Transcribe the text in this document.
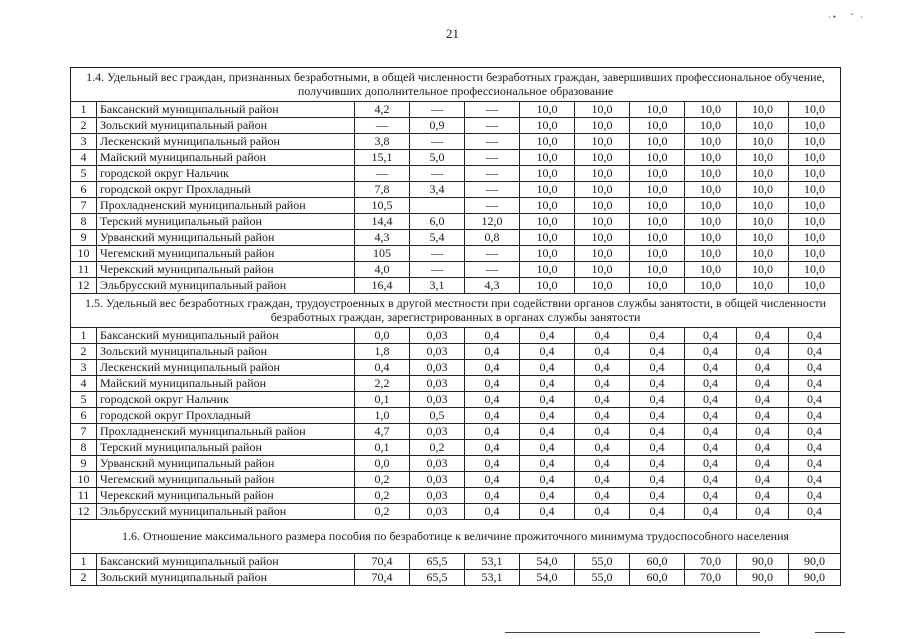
21
·•   ˝ ·
1.4. Удельный вес граждан, признанных безработными, в общей численности безработных граждан, завершивших профессиональное обучение, получивших дополнительное профессиональное образование										
1	Баксанский муниципальный район	4,2	—	—	10,0	10,0	10,0	10,0	10,0	10,0
2	Зольский муниципальный район	—	0,9	—	10,0	10,0	10,0	10,0	10,0	10,0
3	Лескенский муниципальный район	3,8	—	—	10,0	10,0	10,0	10,0	10,0	10,0
4	Майский муниципальный район	15,1	5,0	—	10,0	10,0	10,0	10,0	10,0	10,0
5	городской округ Нальчик	—	—	—	10,0	10,0	10,0	10,0	10,0	10,0
6	городской округ Прохладный	7,8	3,4	—	10,0	10,0	10,0	10,0	10,0	10,0
7	Прохладненский муниципальный район	10,5		—	10,0	10,0	10,0	10,0	10,0	10,0
8	Терский муниципальный район	14,4	6,0	12,0	10,0	10,0	10,0	10,0	10,0	10,0
9	Урванский муниципальный район	4,3	5,4	0,8	10,0	10,0	10,0	10,0	10,0	10,0
10	Чегемский муниципальный район	105	—	—	10,0	10,0	10,0	10,0	10,0	10,0
11	Черекский муниципальный район	4,0	—	—	10,0	10,0	10,0	10,0	10,0	10,0
12	Эльбрусский муниципальный район	16,4	3,1	4,3	10,0	10,0	10,0	10,0	10,0	10,0
1.5. Удельный вес безработных граждан, трудоустроенных в другой местности при содействии органов службы занятости, в общей численности безработных граждан, зарегистрированных в органах службы занятости										
1	Баксанский муниципальный район	0,0	0,03	0,4	0,4	0,4	0,4	0,4	0,4	0,4
2	Зольский муниципальный район	1,8	0,03	0,4	0,4	0,4	0,4	0,4	0,4	0,4
3	Лескенский муниципальный район	0,4	0,03	0,4	0,4	0,4	0,4	0,4	0,4	0,4
4	Майский муниципальный район	2,2	0,03	0,4	0,4	0,4	0,4	0,4	0,4	0,4
5	городской округ Нальчик	0,1	0,03	0,4	0,4	0,4	0,4	0,4	0,4	0,4
6	городской округ Прохладный	1,0	0,5	0,4	0,4	0,4	0,4	0,4	0,4	0,4
7	Прохладненский муниципальный район	4,7	0,03	0,4	0,4	0,4	0,4	0,4	0,4	0,4
8	Терский муниципальный район	0,1	0,2	0,4	0,4	0,4	0,4	0,4	0,4	0,4
9	Урванский муниципальный район	0,0	0,03	0,4	0,4	0,4	0,4	0,4	0,4	0,4
10	Чегемский муниципальный район	0,2	0,03	0,4	0,4	0,4	0,4	0,4	0,4	0,4
11	Черекский муниципальный район	0,2	0,03	0,4	0,4	0,4	0,4	0,4	0,4	0,4
12	Эльбрусский муниципальный район	0,2	0,03	0,4	0,4	0,4	0,4	0,4	0,4	0,4
1.6. Отношение максимального размера пособия по безработице к величине прожиточного минимума трудоспособного населения										
1	Баксанский муниципальный район	70,4	65,5	53,1	54,0	55,0	60,0	70,0	90,0	90,0
2	Зольский муниципальный район	70,4	65,5	53,1	54,0	55,0	60,0	70,0	90,0	90,0
